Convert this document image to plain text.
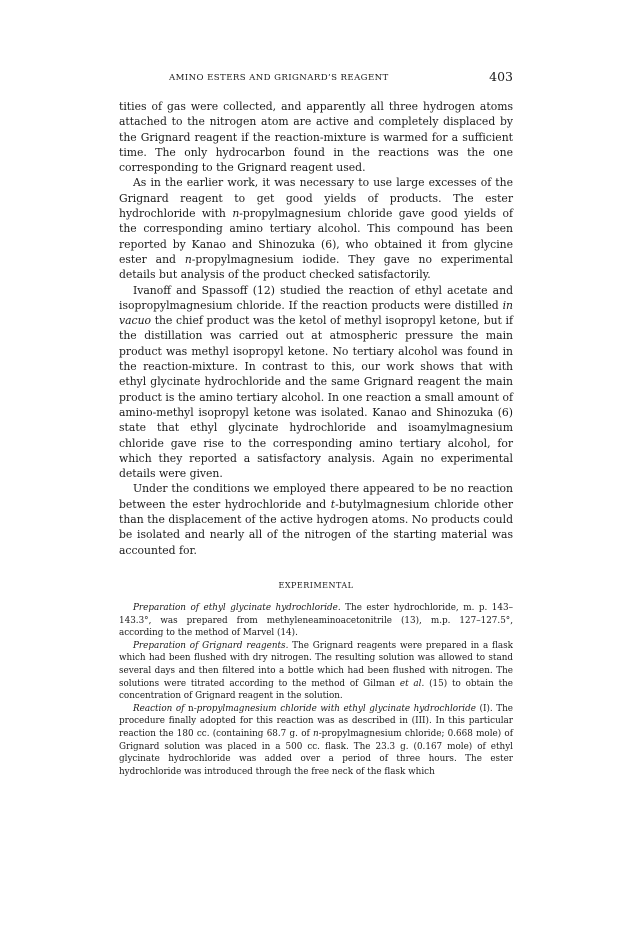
AMINO ESTERS AND GRIGNARD’S REAGENT	403

tities of gas were collected, and apparently all three hydrogen atoms attached to the nitrogen atom are active and completely displaced by the Grignard reagent if the reaction-mixture is warmed for a sufficient time. The only hydrocarbon found in the reactions was the one corresponding to the Grignard reagent used.

As in the earlier work, it was necessary to use large excesses of the Grignard reagent to get good yields of products. The ester hydrochloride with n-propylmagnesium chloride gave good yields of the corresponding amino tertiary alcohol. This compound has been reported by Kanao and Shinozuka (6), who obtained it from glycine ester and n-propylmagnesium iodide. They gave no experimental details but analysis of the product checked satisfactorily.

Ivanoff and Spassoff (12) studied the reaction of ethyl acetate and isopropylmagnesium chloride. If the reaction products were distilled in vacuo the chief product was the ketol of methyl isopropyl ketone, but if the distillation was carried out at atmospheric pressure the main product was methyl isopropyl ketone. No tertiary alcohol was found in the reaction-mixture. In contrast to this, our work shows that with ethyl glycinate hydrochloride and the same Grignard reagent the main product is the amino tertiary alcohol. In one reaction a small amount of amino-methyl isopropyl ketone was isolated. Kanao and Shinozuka (6) state that ethyl glycinate hydrochloride and isoamylmagnesium chloride gave rise to the corresponding amino tertiary alcohol, for which they reported a satisfactory analysis. Again no experimental details were given.

Under the conditions we employed there appeared to be no reaction between the ester hydrochloride and t-butylmagnesium chloride other than the displacement of the active hydrogen atoms. No products could be isolated and nearly all of the nitrogen of the starting material was accounted for.

EXPERIMENTAL

Preparation of ethyl glycinate hydrochloride. The ester hydrochloride, m. p. 143–143.3°, was prepared from methyleneaminoacetonitrile (13), m.p. 127–127.5°, according to the method of Marvel (14).

Preparation of Grignard reagents. The Grignard reagents were prepared in a flask which had been flushed with dry nitrogen. The resulting solution was allowed to stand several days and then filtered into a bottle which had been flushed with nitrogen. The solutions were titrated according to the method of Gilman et al. (15) to obtain the concentration of Grignard reagent in the solution.

Reaction of n-propylmagnesium chloride with ethyl glycinate hydrochloride (I). The procedure finally adopted for this reaction was as described in (III). In this particular reaction the 180 cc. (containing 68.7 g. of n-propylmagnesium chloride; 0.668 mole) of Grignard solution was placed in a 500 cc. flask. The 23.3 g. (0.167 mole) of ethyl glycinate hydrochloride was added over a period of three hours. The ester hydrochloride was introduced through the free neck of the flask which
